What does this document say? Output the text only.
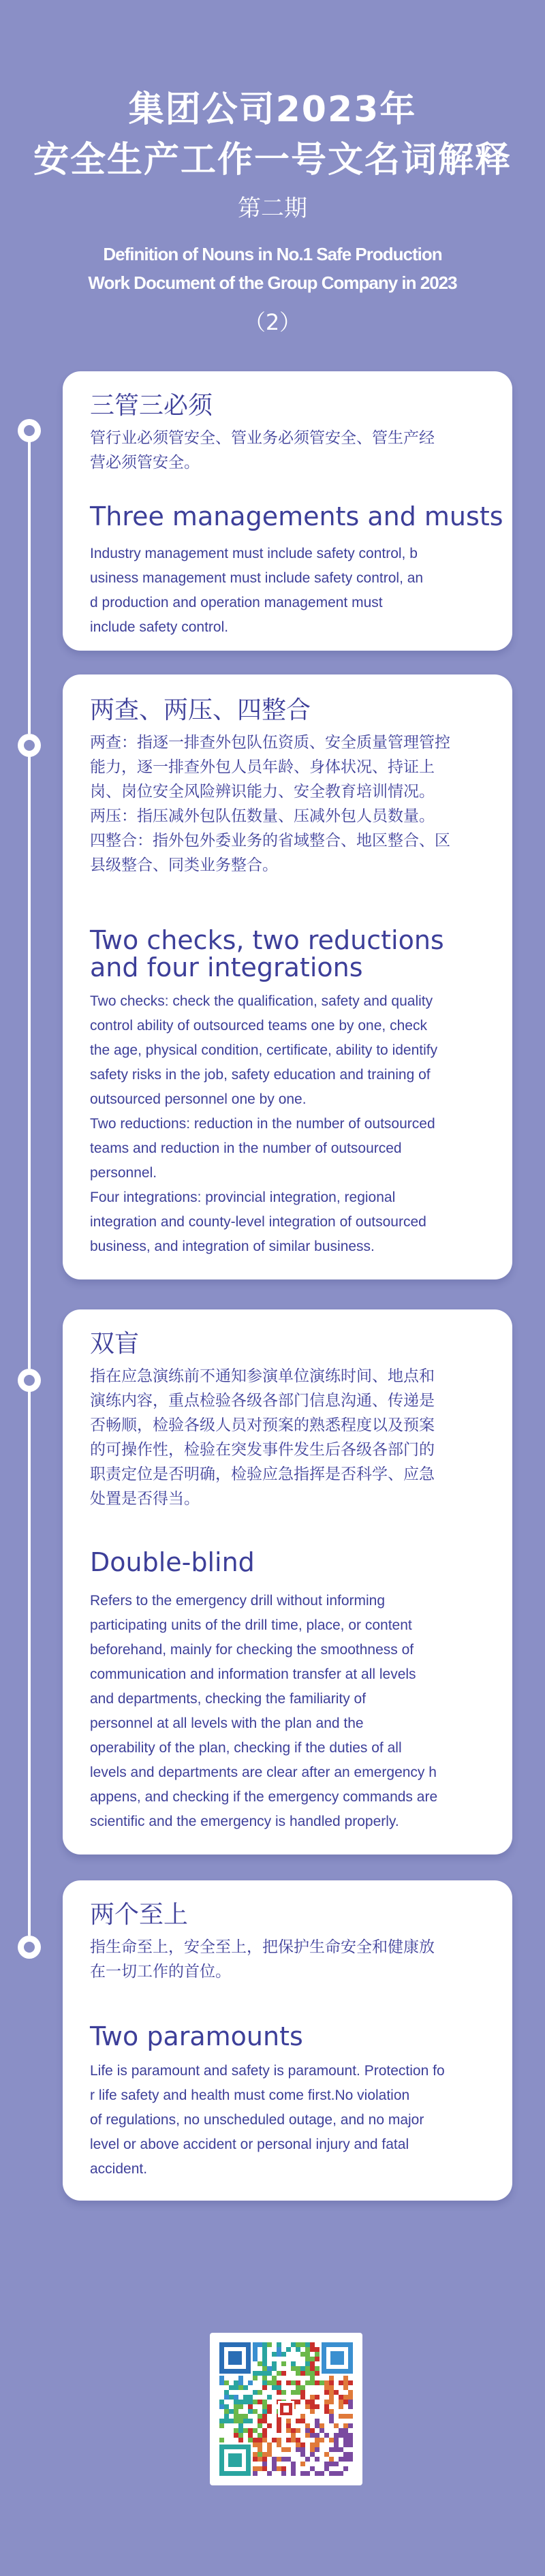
集团公司2023年
安全生产工作一号文名词解释
第二期
Definition of Nouns in No.1 Safe Production
Work Document of the Group Company in 2023
（2）
三管三必须
管行业必须管安全、管业务必须管安全、管生产经
营必须管安全。
Three managements and musts
Industry management must include safety control, b
usiness management must include safety control, an
d production and operation management must
include safety control.
两查、两压、四整合
两查：指逐一排查外包队伍资质、安全质量管理管控
能力，逐一排查外包人员年龄、身体状况、持证上
岗、岗位安全风险辨识能力、安全教育培训情况。
两压：指压减外包队伍数量、压减外包人员数量。
四整合：指外包外委业务的省域整合、地区整合、区
县级整合、同类业务整合。
Two checks, two reductions
and four integrations
Two checks: check the qualification, safety and quality
control ability of outsourced teams one by one, check
the age, physical condition, certificate, ability to identify
safety risks in the job, safety education and training of
outsourced personnel one by one.
Two reductions: reduction in the number of outsourced
teams and reduction in the number of outsourced
personnel.
Four integrations: provincial integration, regional
integration and county-level integration of outsourced
business, and integration of similar business.
双盲
指在应急演练前不通知参演单位演练时间、地点和
演练内容，重点检验各级各部门信息沟通、传递是
否畅顺，检验各级人员对预案的熟悉程度以及预案
的可操作性，检验在突发事件发生后各级各部门的
职责定位是否明确，检验应急指挥是否科学、应急
处置是否得当。
Double-blind
Refers to the emergency drill without informing
participating units of the drill time, place, or content
beforehand, mainly for checking the smoothness of
communication and information transfer at all levels
and departments, checking the familiarity of
personnel at all levels with the plan and the
operability of the plan, checking if the duties of all
levels and departments are clear after an emergency h
appens, and checking if the emergency commands are
scientific and the emergency is handled properly.
两个至上
指生命至上，安全至上，把保护生命安全和健康放
在一切工作的首位。
Two paramounts
Life is paramount and safety is paramount. Protection fo
r life safety and health must come first.No violation
of regulations, no unscheduled outage, and no major
level or above accident or personal injury and fatal
accident.
